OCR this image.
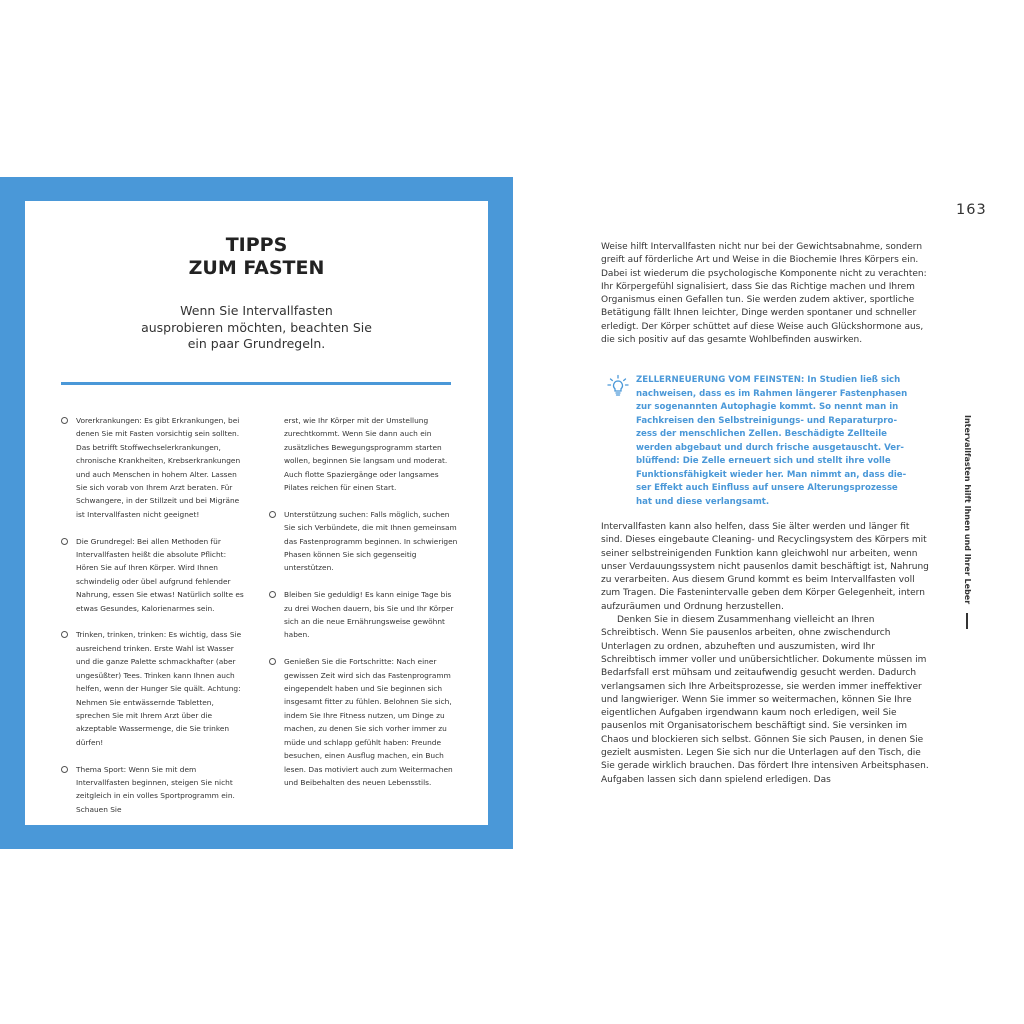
TIPPS
ZUM FASTEN
Wenn Sie Intervallfasten
ausprobieren möchten, beachten Sie
ein paar Grundregeln.
Vorerkrankungen: Es gibt Erkrankungen, bei denen Sie mit Fasten vorsichtig sein sollten. Das betrifft Stoffwechselerkrankungen, chronische Krankheiten, Krebserkrankungen und auch Menschen in hohem Alter. Lassen Sie sich vorab von Ihrem Arzt beraten. Für Schwangere, in der Stillzeit und bei Migräne ist Intervallfasten nicht geeignet!
Die Grundregel: Bei allen Methoden für Intervallfasten heißt die absolute Pflicht: Hören Sie auf Ihren Körper. Wird Ihnen schwindelig oder übel aufgrund fehlender Nahrung, essen Sie etwas! Natürlich sollte es etwas Gesundes, Kalorienarmes sein.
Trinken, trinken, trinken: Es wichtig, dass Sie ausreichend trinken. Erste Wahl ist Wasser und die ganze Palette schmackhafter (aber ungesüßter) Tees. Trinken kann Ihnen auch helfen, wenn der Hunger Sie quält. Achtung: Nehmen Sie entwässernde Tabletten, sprechen Sie mit Ihrem Arzt über die akzeptable Wassermenge, die Sie trinken dürfen!
Thema Sport: Wenn Sie mit dem Intervallfasten beginnen, steigen Sie nicht zeitgleich in ein volles Sportprogramm ein. Schauen Sie
erst, wie Ihr Körper mit der Umstellung zurechtkommt. Wenn Sie dann auch ein zusätzliches Bewegungsprogramm starten wollen, beginnen Sie langsam und moderat. Auch flotte Spaziergänge oder langsames Pilates reichen für einen Start.
Unterstützung suchen: Falls möglich, suchen Sie sich Verbündete, die mit Ihnen gemeinsam das Fastenprogramm beginnen. In schwierigen Phasen können Sie sich gegenseitig unterstützen.
Bleiben Sie geduldig! Es kann einige Tage bis zu drei Wochen dauern, bis Sie und Ihr Körper sich an die neue Ernährungsweise gewöhnt haben.
Genießen Sie die Fortschritte: Nach einer gewissen Zeit wird sich das Fastenprogramm eingependelt haben und Sie beginnen sich insgesamt fitter zu fühlen. Belohnen Sie sich, indem Sie Ihre Fitness nutzen, um Dinge zu machen, zu denen Sie sich vorher immer zu müde und schlapp gefühlt haben: Freunde besuchen, einen Ausflug machen, ein Buch lesen. Das motiviert auch zum Weitermachen und Beibehalten des neuen Lebensstils.
163
Intervallfasten hilft Ihnen und Ihrer Leber

Weise hilft Intervallfasten nicht nur bei der Gewichtsabnahme, sondern greift auf förderliche Art und Weise in die Biochemie Ihres Körpers ein. Dabei ist wiederum die psychologische Komponente nicht zu verachten: Ihr Körpergefühl signalisiert, dass Sie das Richtige machen und Ihrem Organismus einen Gefallen tun. Sie werden zudem aktiver, sportliche Betätigung fällt Ihnen leichter, Dinge werden spontaner und schneller erledigt. Der Körper schüttet auf diese Weise auch Glückshormone aus, die sich positiv auf das gesamte Wohlbefinden auswirken.

ZELLERNEUERUNG VOM FEINSTEN: In Studien ließ sich
nachweisen, dass es im Rahmen längerer Fastenphasen
zur sogenannten Autophagie kommt. So nennt man in
Fachkreisen den Selbstreinigungs- und Reparaturpro-
zess der menschlichen Zellen. Beschädigte Zellteile
werden abgebaut und durch frische ausgetauscht. Ver-
blüffend: Die Zelle erneuert sich und stellt ihre volle
Funktionsfähigkeit wieder her. Man nimmt an, dass die-
ser Effekt auch Einfluss auf unsere Alterungsprozesse
hat und diese verlangsamt.

Intervallfasten kann also helfen, dass Sie älter werden und länger fit sind. Dieses eingebaute Cleaning- und Recyclingsystem des Körpers mit seiner selbstreinigenden Funktion kann gleichwohl nur arbeiten, wenn unser Verdauungssystem nicht pausenlos damit beschäftigt ist, Nahrung zu verarbeiten. Aus diesem Grund kommt es beim Intervallfasten voll zum Tragen. Die Fastenintervalle geben dem Körper Gelegenheit, intern aufzuräumen und Ordnung herzustellen.

Denken Sie in diesem Zusammenhang vielleicht an Ihren Schreibtisch. Wenn Sie pausenlos arbeiten, ohne zwischendurch Unterlagen zu ordnen, abzuheften und auszumisten, wird Ihr Schreibtisch immer voller und unübersichtlicher. Dokumente müssen im Bedarfsfall erst mühsam und zeitaufwendig gesucht werden. Dadurch verlangsamen sich Ihre Arbeitsprozesse, sie werden immer ineffektiver und langwieriger. Wenn Sie immer so weitermachen, können Sie Ihre eigentlichen Aufgaben irgendwann kaum noch erledigen, weil Sie pausenlos mit Organisatorischem beschäftigt sind. Sie versinken im Chaos und blockieren sich selbst. Gönnen Sie sich Pausen, in denen Sie gezielt ausmisten. Legen Sie sich nur die Unterlagen auf den Tisch, die Sie gerade wirklich brauchen. Das fördert Ihre intensiven Arbeitsphasen. Aufgaben lassen sich dann spielend erledigen. Das
